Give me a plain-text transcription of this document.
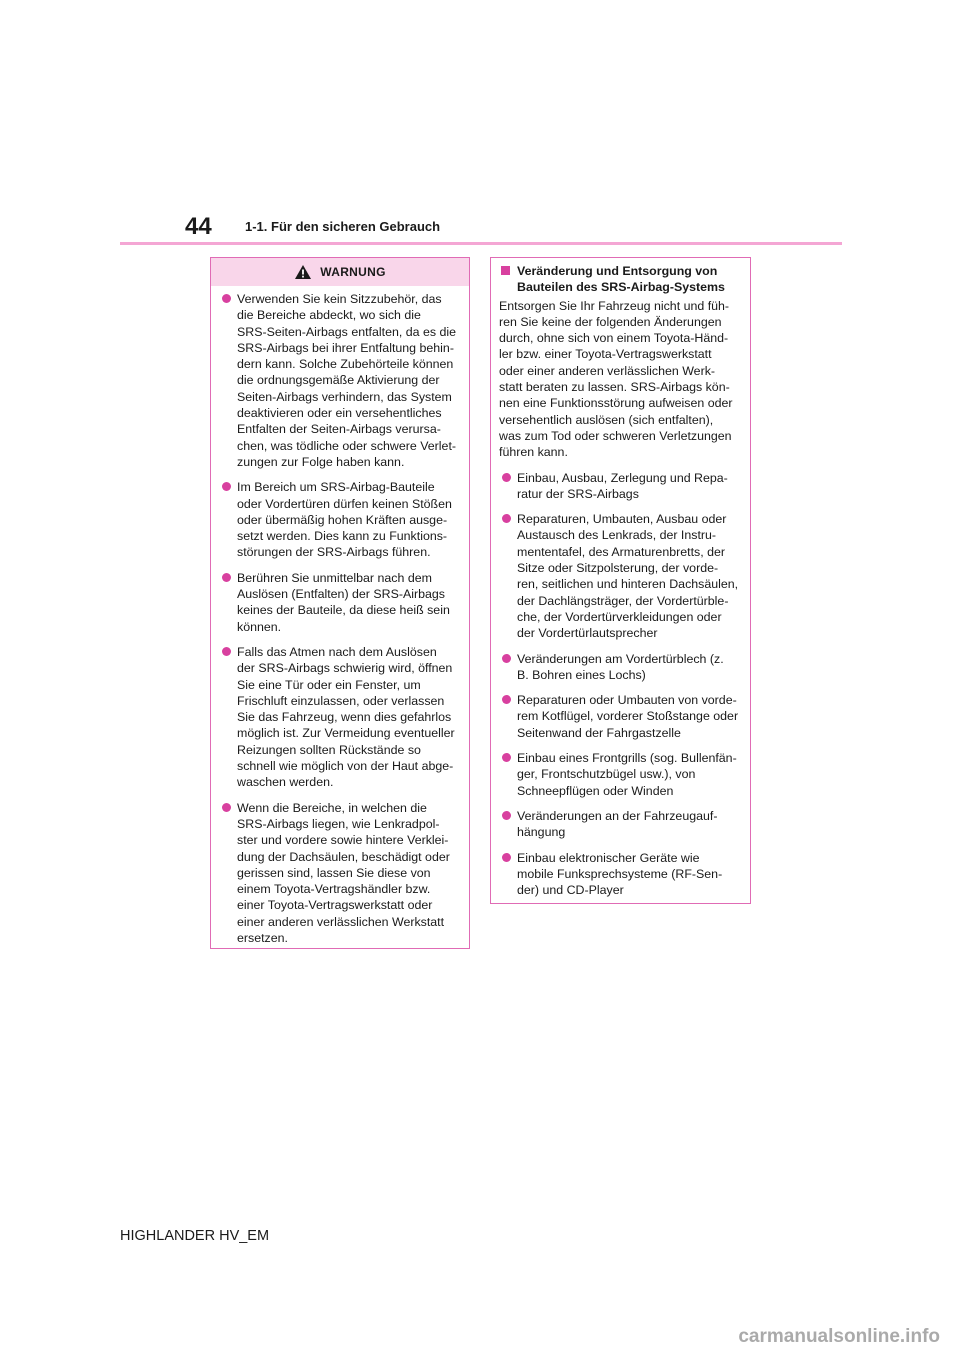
44	1-1. Für den sicheren Gebrauch
WARNUNG
Verwenden Sie kein Sitzzubehör, das
die Bereiche abdeckt, wo sich die
SRS-Seiten-Airbags entfalten, da es die
SRS-Airbags bei ihrer Entfaltung behin-
dern kann. Solche Zubehörteile können
die ordnungsgemäße Aktivierung der
Seiten-Airbags verhindern, das System
deaktivieren oder ein versehentliches
Entfalten der Seiten-Airbags verursa-
chen, was tödliche oder schwere Verlet-
zungen zur Folge haben kann.
Im Bereich um SRS-Airbag-Bauteile
oder Vordertüren dürfen keinen Stößen
oder übermäßig hohen Kräften ausge-
setzt werden. Dies kann zu Funktions-
störungen der SRS-Airbags führen.
Berühren Sie unmittelbar nach dem
Auslösen (Entfalten) der SRS-Airbags
keines der Bauteile, da diese heiß sein
können.
Falls das Atmen nach dem Auslösen
der SRS-Airbags schwierig wird, öffnen
Sie eine Tür oder ein Fenster, um
Frischluft einzulassen, oder verlassen
Sie das Fahrzeug, wenn dies gefahrlos
möglich ist. Zur Vermeidung eventueller
Reizungen sollten Rückstände so
schnell wie möglich von der Haut abge-
waschen werden.
Wenn die Bereiche, in welchen die
SRS-Airbags liegen, wie Lenkradpol-
ster und vordere sowie hintere Verklei-
dung der Dachsäulen, beschädigt oder
gerissen sind, lassen Sie diese von
einem Toyota-Vertragshändler bzw.
einer Toyota-Vertragswerkstatt oder
einer anderen verlässlichen Werkstatt
ersetzen.
Veränderung und Entsorgung von
Bauteilen des SRS-Airbag-Systems
Entsorgen Sie Ihr Fahrzeug nicht und füh-
ren Sie keine der folgenden Änderungen
durch, ohne sich von einem Toyota-Händ-
ler bzw. einer Toyota-Vertragswerkstatt
oder einer anderen verlässlichen Werk-
statt beraten zu lassen. SRS-Airbags kön-
nen eine Funktionsstörung aufweisen oder
versehentlich auslösen (sich entfalten),
was zum Tod oder schweren Verletzungen
führen kann.
Einbau, Ausbau, Zerlegung und Repa-
ratur der SRS-Airbags
Reparaturen, Umbauten, Ausbau oder
Austausch des Lenkrads, der Instru-
mententafel, des Armaturenbretts, der
Sitze oder Sitzpolsterung, der vorde-
ren, seitlichen und hinteren Dachsäulen,
der Dachlängsträger, der Vordertürble-
che, der Vordertürverkleidungen oder
der Vordertürlautsprecher
Veränderungen am Vordertürblech (z.
B. Bohren eines Lochs)
Reparaturen oder Umbauten von vorde-
rem Kotflügel, vorderer Stoßstange oder
Seitenwand der Fahrgastzelle
Einbau eines Frontgrills (sog. Bullenfän-
ger, Frontschutzbügel usw.), von
Schneepflügen oder Winden
Veränderungen an der Fahrzeugauf-
hängung
Einbau elektronischer Geräte wie
mobile Funksprechsysteme (RF-Sen-
der) und CD-Player
HIGHLANDER HV_EM
carmanualsonline.info
